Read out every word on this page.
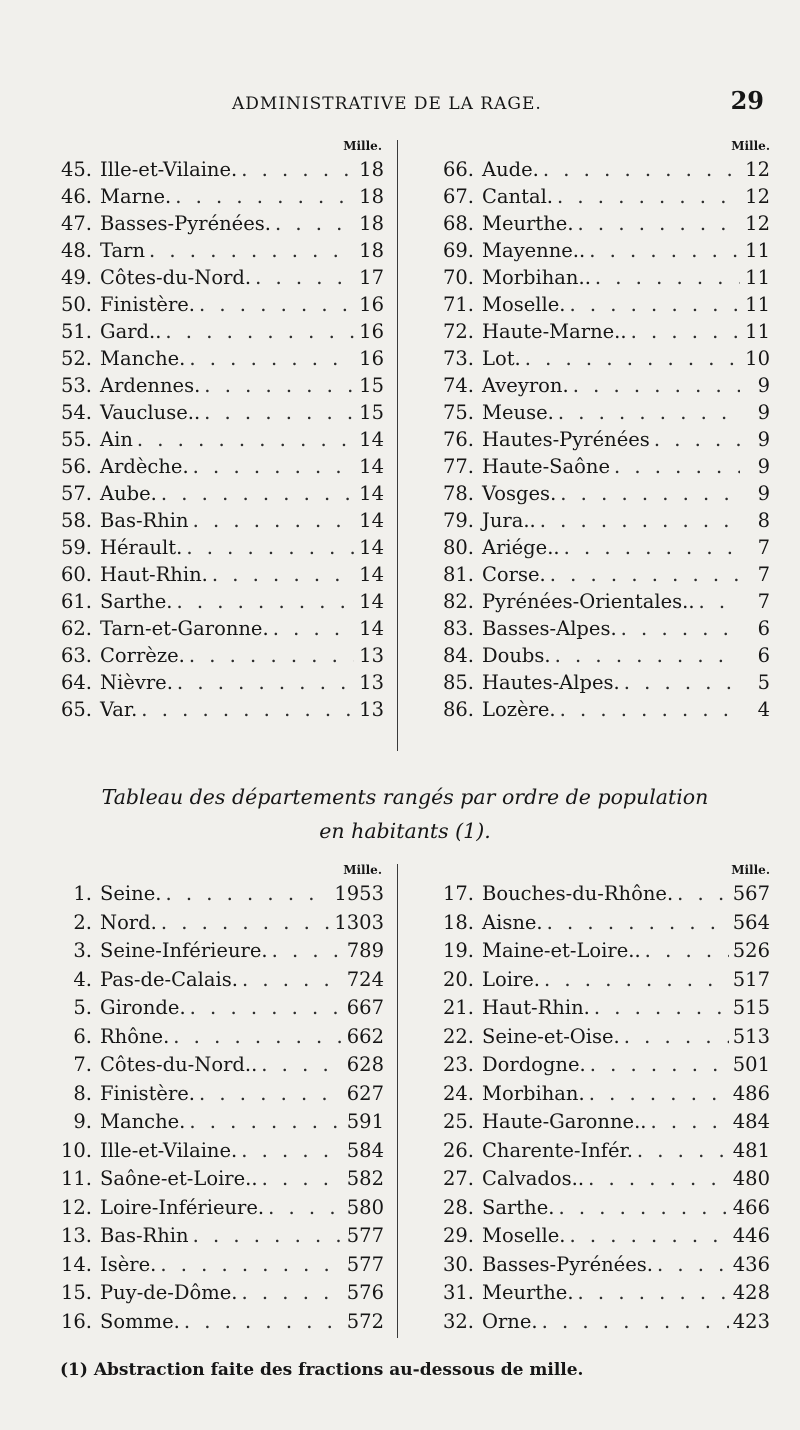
ADMINISTRATIVE DE LA RAGE.	29
Mille.
45. Ille-et-Vilaine. . . .	18
46. Marne. . . .	18
47. Basses-Pyrénées. . . .	18
48. Tarn . . .	18
49. Côtes-du-Nord. . . .	17
50. Finistère. . . .	16
51. Gard.. . . .	16
52. Manche. . . .	16
53. Ardennes. . . .	15
54. Vaucluse.. . . .	15
55. Ain . . .	14
56. Ardèche. . . .	14
57. Aube. . . .	14
58. Bas-Rhin . . .	14
59. Hérault. . . .	14
60. Haut-Rhin. . . .	14
61. Sarthe. . . .	14
62. Tarn-et-Garonne. . . .	14
63. Corrèze. . . .	13
64. Nièvre. . . .	13
65. Var. . . .	13
Mille.
66. Aude. . . .	12
67. Cantal. . . .	12
68. Meurthe. . . .	12
69. Mayenne.. . . .	11
70. Morbihan.. . . .	11
71. Moselle. . . .	11
72. Haute-Marne.. . . .	11
73. Lot. . . .	10
74. Aveyron. . . .	9
75. Meuse. . . .	9
76. Hautes-Pyrénées . . .	9
77. Haute-Saône . . .	9
78. Vosges. . . .	9
79. Jura.. . . .	8
80. Ariége.. . . .	7
81. Corse. . . .	7
82. Pyrénées-Orientales.. . . .	7
83. Basses-Alpes. . . .	6
84. Doubs. . . .	6
85. Hautes-Alpes. . . .	5
86. Lozère. . . .	4
Tableau des départements rangés par ordre de population
en habitants (1).
Mille.
1. Seine. . . .	1953
2. Nord. . . .	1303
3. Seine-Inférieure. . . .	789
4. Pas-de-Calais. . . .	724
5. Gironde. . . .	667
6. Rhône. . . .	662
7. Côtes-du-Nord.. . . .	628
8. Finistère. . . .	627
9. Manche. . . .	591
10. Ille-et-Vilaine. . . .	584
11. Saône-et-Loire.. . . .	582
12. Loire-Inférieure. . . .	580
13. Bas-Rhin . . .	577
14. Isère. . . .	577
15. Puy-de-Dôme. . . .	576
16. Somme. . . .	572
Mille.
17. Bouches-du-Rhône. . . .	567
18. Aisne. . . .	564
19. Maine-et-Loire.. . . .	526
20. Loire. . . .	517
21. Haut-Rhin. . . .	515
22. Seine-et-Oise. . . .	513
23. Dordogne. . . .	501
24. Morbihan. . . .	486
25. Haute-Garonne.. . . .	484
26. Charente-Infér. . . .	481
27. Calvados.. . . .	480
28. Sarthe. . . .	466
29. Moselle. . . .	446
30. Basses-Pyrénées. . . .	436
31. Meurthe. . . .	428
32. Orne. . . .	423
(1) Abstraction faite des fractions au-dessous de mille.
